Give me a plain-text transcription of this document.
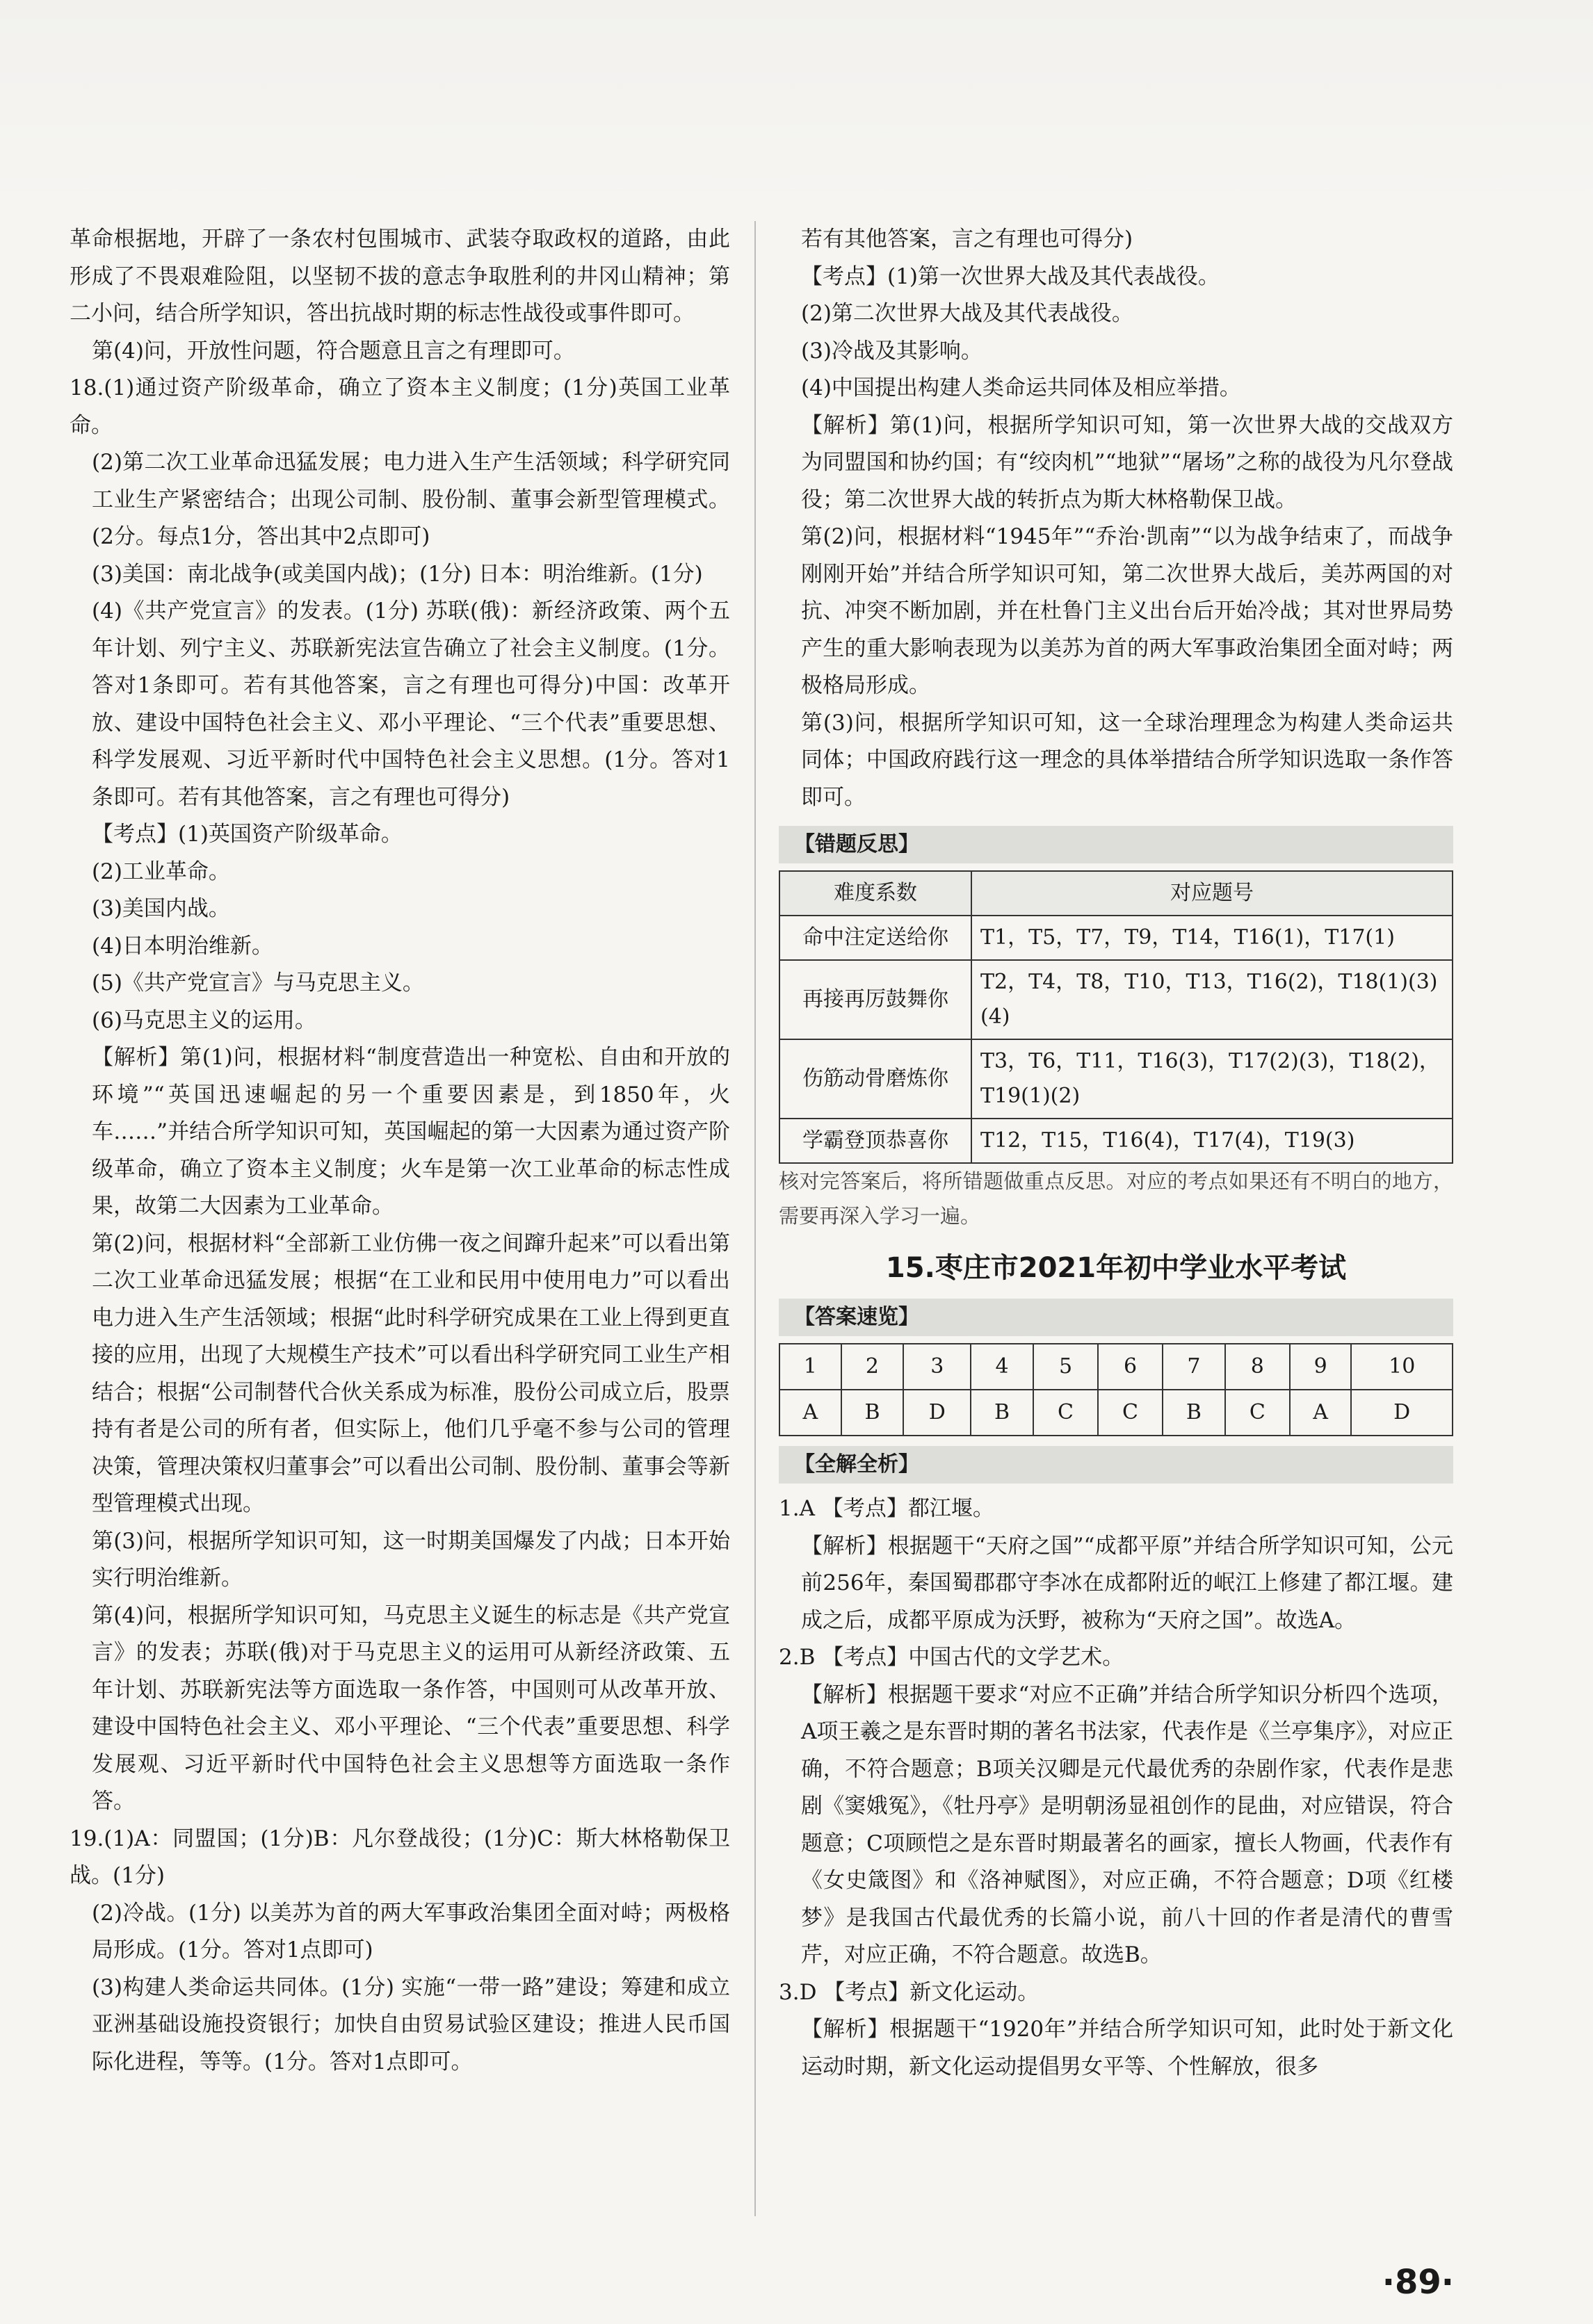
革命根据地，开辟了一条农村包围城市、武装夺取政权的道路，由此形成了不畏艰难险阻，以坚韧不拔的意志争取胜利的井冈山精神；第二小问，结合所学知识，答出抗战时期的标志性战役或事件即可。

第(4)问，开放性问题，符合题意且言之有理即可。

18.(1)通过资产阶级革命，确立了资本主义制度；(1分)英国工业革命。

(2)第二次工业革命迅猛发展；电力进入生产生活领域；科学研究同工业生产紧密结合；出现公司制、股份制、董事会新型管理模式。(2分。每点1分，答出其中2点即可)

(3)美国：南北战争(或美国内战)；(1分) 日本：明治维新。(1分)

(4)《共产党宣言》的发表。(1分) 苏联(俄)：新经济政策、两个五年计划、列宁主义、苏联新宪法宣告确立了社会主义制度。(1分。答对1条即可。若有其他答案，言之有理也可得分)中国：改革开放、建设中国特色社会主义、邓小平理论、“三个代表”重要思想、科学发展观、习近平新时代中国特色社会主义思想。(1分。答对1条即可。若有其他答案，言之有理也可得分)

【考点】(1)英国资产阶级革命。

(2)工业革命。

(3)美国内战。

(4)日本明治维新。

(5)《共产党宣言》与马克思主义。

(6)马克思主义的运用。

【解析】第(1)问，根据材料“制度营造出一种宽松、自由和开放的环境”“英国迅速崛起的另一个重要因素是，到1850年，火车……”并结合所学知识可知，英国崛起的第一大因素为通过资产阶级革命，确立了资本主义制度；火车是第一次工业革命的标志性成果，故第二大因素为工业革命。

第(2)问，根据材料“全部新工业仿佛一夜之间蹿升起来”可以看出第二次工业革命迅猛发展；根据“在工业和民用中使用电力”可以看出电力进入生产生活领域；根据“此时科学研究成果在工业上得到更直接的应用，出现了大规模生产技术”可以看出科学研究同工业生产相结合；根据“公司制替代合伙关系成为标准，股份公司成立后，股票持有者是公司的所有者，但实际上，他们几乎毫不参与公司的管理决策，管理决策权归董事会”可以看出公司制、股份制、董事会等新型管理模式出现。

第(3)问，根据所学知识可知，这一时期美国爆发了内战；日本开始实行明治维新。

第(4)问，根据所学知识可知，马克思主义诞生的标志是《共产党宣言》的发表；苏联(俄)对于马克思主义的运用可从新经济政策、五年计划、苏联新宪法等方面选取一条作答，中国则可从改革开放、建设中国特色社会主义、邓小平理论、“三个代表”重要思想、科学发展观、习近平新时代中国特色社会主义思想等方面选取一条作答。

19.(1)A：同盟国；(1分)B：凡尔登战役；(1分)C：斯大林格勒保卫战。(1分)

(2)冷战。(1分) 以美苏为首的两大军事政治集团全面对峙；两极格局形成。(1分。答对1点即可)

(3)构建人类命运共同体。(1分) 实施“一带一路”建设；筹建和成立亚洲基础设施投资银行；加快自由贸易试验区建设；推进人民币国际化进程，等等。(1分。答对1点即可。

若有其他答案，言之有理也可得分)

【考点】(1)第一次世界大战及其代表战役。

(2)第二次世界大战及其代表战役。

(3)冷战及其影响。

(4)中国提出构建人类命运共同体及相应举措。

【解析】第(1)问，根据所学知识可知，第一次世界大战的交战双方为同盟国和协约国；有“绞肉机”“地狱”“屠场”之称的战役为凡尔登战役；第二次世界大战的转折点为斯大林格勒保卫战。

第(2)问，根据材料“1945年”“乔治·凯南”“以为战争结束了，而战争刚刚开始”并结合所学知识可知，第二次世界大战后，美苏两国的对抗、冲突不断加剧，并在杜鲁门主义出台后开始冷战；其对世界局势产生的重大影响表现为以美苏为首的两大军事政治集团全面对峙；两极格局形成。

第(3)问，根据所学知识可知，这一全球治理理念为构建人类命运共同体；中国政府践行这一理念的具体举措结合所学知识选取一条作答即可。

【错题反思】
难度系数	对应题号
命中注定送给你	T1，T5，T7，T9，T14，T16(1)，T17(1)
再接再厉鼓舞你	T2，T4，T8，T10，T13，T16(2)，T18(1)(3)(4)
伤筋动骨磨炼你	T3，T6，T11，T16(3)，T17(2)(3)，T18(2)，T19(1)(2)
学霸登顶恭喜你	T12，T15，T16(4)，T17(4)，T19(3)

核对完答案后，将所错题做重点反思。对应的考点如果还有不明白的地方，需要再深入学习一遍。

15.枣庄市2021年初中学业水平考试
【答案速览】
1	2	3	4	5	6	7	8	9	10
A	B	D	B	C	C	B	C	A	D
【全解全析】

1.A 【考点】都江堰。

【解析】根据题干“天府之国”“成都平原”并结合所学知识可知，公元前256年，秦国蜀郡郡守李冰在成都附近的岷江上修建了都江堰。建成之后，成都平原成为沃野，被称为“天府之国”。故选A。

2.B 【考点】中国古代的文学艺术。

【解析】根据题干要求“对应不正确”并结合所学知识分析四个选项，A项王羲之是东晋时期的著名书法家，代表作是《兰亭集序》，对应正确，不符合题意；B项关汉卿是元代最优秀的杂剧作家，代表作是悲剧《窦娥冤》，《牡丹亭》是明朝汤显祖创作的昆曲，对应错误，符合题意；C项顾恺之是东晋时期最著名的画家，擅长人物画，代表作有《女史箴图》和《洛神赋图》，对应正确，不符合题意；D项《红楼梦》是我国古代最优秀的长篇小说，前八十回的作者是清代的曹雪芹，对应正确，不符合题意。故选B。

3.D 【考点】新文化运动。

【解析】根据题干“1920年”并结合所学知识可知，此时处于新文化运动时期，新文化运动提倡男女平等、个性解放，很多

·89·
